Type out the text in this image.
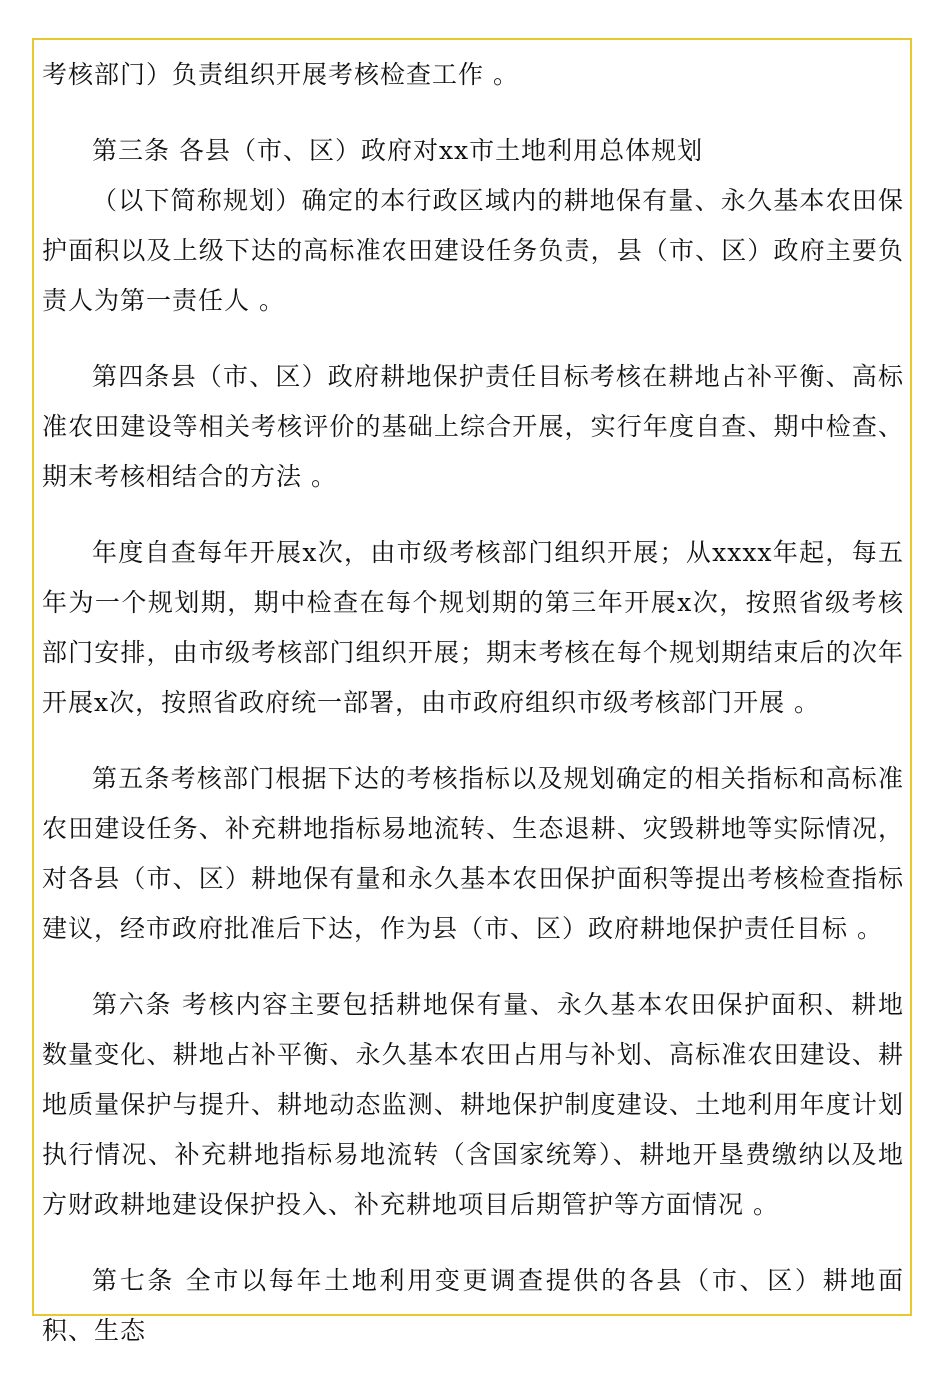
考核部门）负责组织开展考核检查工作 。

第三条 各县（市、区）政府对xx市土地利用总体规划

（以下简称规划）确定的本行政区域内的耕地保有量、永久基本农田保护面积以及上级下达的高标准农田建设任务负责，县（市、区）政府主要负责人为第一责任人 。

第四条县（市、区）政府耕地保护责任目标考核在耕地占补平衡、高标准农田建设等相关考核评价的基础上综合开展，实行年度自查、期中检查、期末考核相结合的方法 。

年度自查每年开展x次，由市级考核部门组织开展；从xxxx年起，每五年为一个规划期，期中检查在每个规划期的第三年开展x次，按照省级考核部门安排，由市级考核部门组织开展；期末考核在每个规划期结束后的次年开展x次，按照省政府统一部署，由市政府组织市级考核部门开展 。

第五条考核部门根据下达的考核指标以及规划确定的相关指标和高标准农田建设任务、补充耕地指标易地流转、生态退耕、灾毁耕地等实际情况，对各县（市、区）耕地保有量和永久基本农田保护面积等提出考核检查指标建议，经市政府批准后下达，作为县（市、区）政府耕地保护责任目标 。

第六条 考核内容主要包括耕地保有量、永久基本农田保护面积、耕地数量变化、耕地占补平衡、永久基本农田占用与补划、高标准农田建设、耕地质量保护与提升、耕地动态监测、耕地保护制度建设、土地利用年度计划执行情况、补充耕地指标易地流转（含国家统筹）、耕地开垦费缴纳以及地方财政耕地建设保护投入、补充耕地项目后期管护等方面情况 。

第七条 全市以每年土地利用变更调查提供的各县（市、区）耕地面积、生态
